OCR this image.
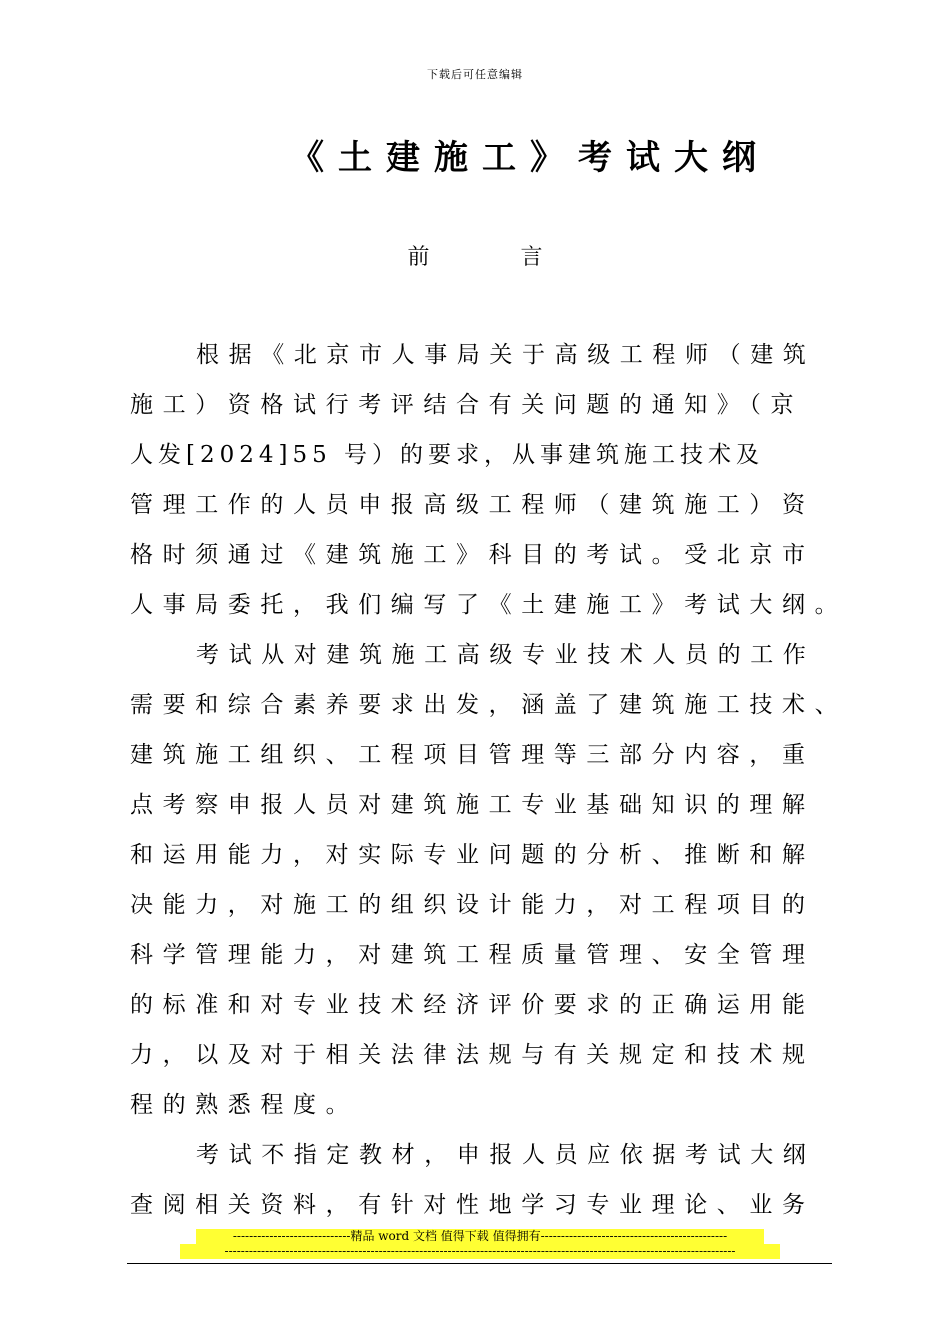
下载后可任意编辑
《土建施工》考试大纲
前	言
根据《北京市人事局关于高级工程师（建筑
施工）资格试行考评结合有关问题的通知》（京
人发[2024]55 号）的要求，从事建筑施工技术及
管理工作的人员申报高级工程师（建筑施工）资
格时须通过《建筑施工》科目的考试。受北京市
人事局委托，我们编写了《土建施工》考试大纲。
考试从对建筑施工高级专业技术人员的工作
需要和综合素养要求出发，涵盖了建筑施工技术、
建筑施工组织、工程项目管理等三部分内容，重
点考察申报人员对建筑施工专业基础知识的理解
和运用能力，对实际专业问题的分析、推断和解
决能力，对施工的组织设计能力，对工程项目的
科学管理能力，对建筑工程质量管理、安全管理
的标准和对专业技术经济评价要求的正确运用能
力，以及对于相关法律法规与有关规定和技术规
程的熟悉程度。
考试不指定教材，申报人员应依据考试大纲
查阅相关资料，有针对性地学习专业理论、业务
-----------------------------精品 word 文档 值得下载 值得拥有----------------------------------------------
------------------------------------------------------------------------------------------------------------------------------
